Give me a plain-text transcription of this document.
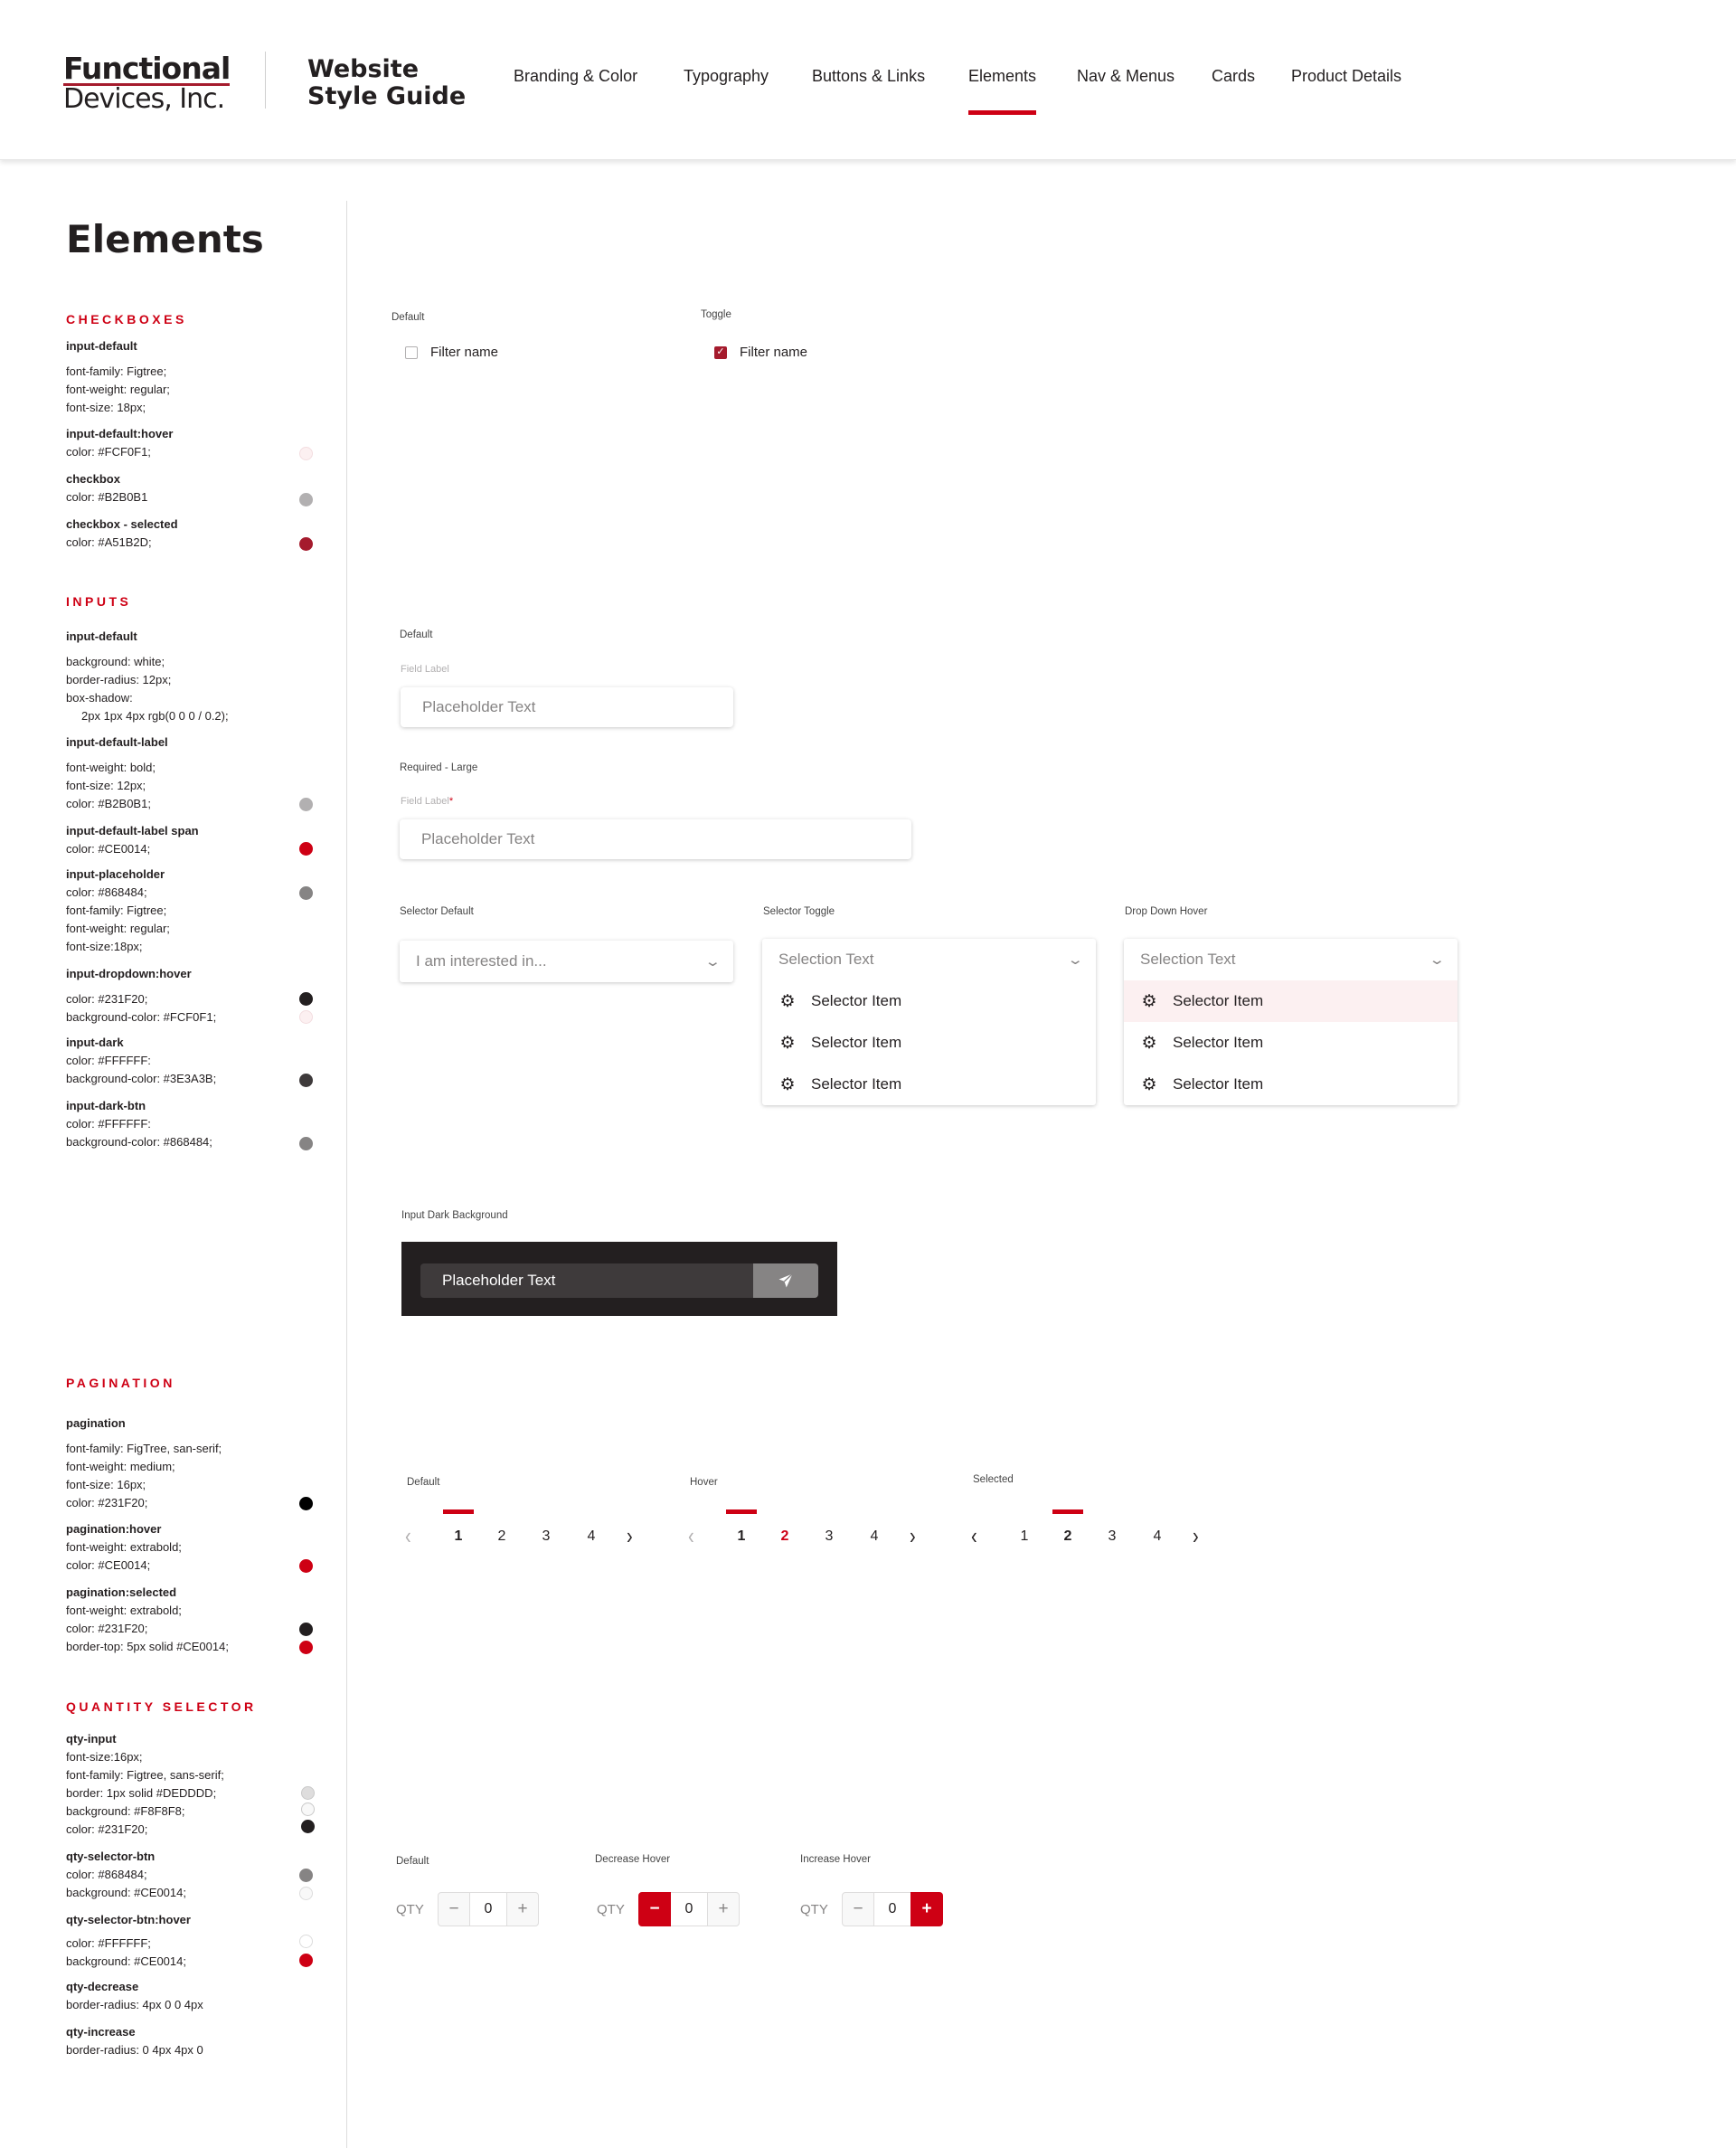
Functional
Devices, Inc.
Website
Style Guide
Branding & Color	Typography	Buttons & Links	Elements Nav & Menus Cards Product Details
Elements
CHECKBOXES
input-default
font-family: Figtree;
font-weight: regular;
font-size: 18px;
input-default:hover
color: #FCF0F1;
checkbox
color: #B2B0B1
checkbox - selected
color: #A51B2D;
INPUTS
input-default
background: white;
border-radius: 12px;
box-shadow:
2px 1px 4px rgb(0 0 0 / 0.2);
input-default-label
font-weight: bold;
font-size: 12px;
color: #B2B0B1;
input-default-label span
color: #CE0014;
input-placeholder
color: #868484;
font-family: Figtree;
font-weight: regular;
font-size:18px;
input-dropdown:hover
color: #231F20;
background-color: #FCF0F1;
input-dark
color: #FFFFFF:
background-color: #3E3A3B;
input-dark-btn
color: #FFFFFF:
background-color: #868484;
PAGINATION
pagination
font-family: FigTree, san-serif;
font-weight: medium;
font-size: 16px;
color: #231F20;
pagination:hover
font-weight: extrabold;
color: #CE0014;
pagination:selected
font-weight: extrabold;
color: #231F20;
border-top: 5px solid #CE0014;
QUANTITY SELECTOR
qty-input
font-size:16px;
font-family: Figtree, sans-serif;
border: 1px solid #DEDDDD;
background: #F8F8F8;
color: #231F20;
qty-selector-btn
color: #868484;
background: #CE0014;
qty-selector-btn:hover
color: #FFFFFF;
background: #CE0014;
qty-decrease
border-radius: 4px 0 0 4px
qty-increase
border-radius: 0 4px 4px 0
Default	Toggle
Filter name	✓ Filter name
Default
Field Label
Placeholder Text
Required - Large
Field Label*
Placeholder Text
Selector Default	Selector Toggle	Drop Down Hover
I am interested in...	⌄	Selection Text	⌄
⚙ Selector Item
⚙ Selector Item
⚙ Selector Item
Selection Text	⌄
⚙ Selector Item
⚙ Selector Item
⚙ Selector Item
Input Dark Background
Placeholder Text
Default	Hover	Selected
‹	1	2	3	4	›	‹	1	2	3	4	›	‹	1	2	3	4	›
Default	Decrease Hover	Increase Hover
QTY	−	0	+	QTY	−	0	+	QTY	−	0	+
